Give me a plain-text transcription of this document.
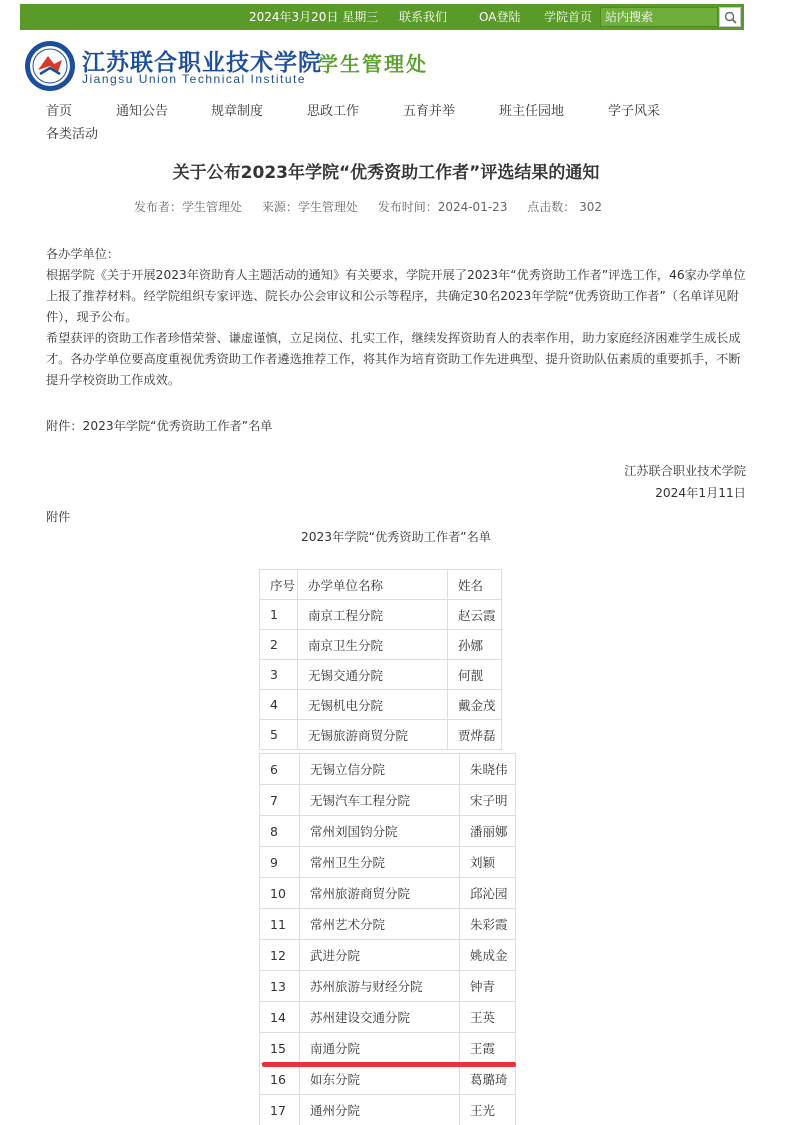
2024年3月20日 星期三 联系我们	OA登陆 学院首页
站内搜索
江苏联合职业技术学院
Jiangsu Union Technical Institute
学生管理处
首页	通知公告	规章制度	思政工作	五育并举	班主任园地	学子风采
各类活动
关于公布2023年学院“优秀资助工作者”评选结果的通知
发布者：学生管理处 来源：学生管理处 发布时间：2024-01-23 点击数： 302

各办学单位：

根据学院《关于开展2023年资助育人主题活动的通知》有关要求，学院开展了2023年“优秀资助工作者”评选工作，46家办学单位上报了推荐材料。经学院组织专家评选、院长办公会审议和公示等程序，共确定30名2023年学院“优秀资助工作者”（名单详见附件），现予公布。

希望获评的资助工作者珍惜荣誉、谦虚谨慎，立足岗位、扎实工作，继续发挥资助育人的表率作用，助力家庭经济困难学生成长成才。各办学单位要高度重视优秀资助工作者遴选推荐工作，将其作为培育资助工作先进典型、提升资助队伍素质的重要抓手，不断提升学校资助工作成效。

附件：2023年学院“优秀资助工作者”名单

江苏联合职业技术学院
2024年1月11日
附件
2023年学院“优秀资助工作者”名单
序号	办学单位名称	姓名
1	南京工程分院	赵云霞
2	南京卫生分院	孙娜
3	无锡交通分院	何靓
4	无锡机电分院	戴金茂
5	无锡旅游商贸分院	贾烨磊
6	无锡立信分院	朱晓伟
7	无锡汽车工程分院	宋子明
8	常州刘国钧分院	潘丽娜
9	常州卫生分院	刘颖
10	常州旅游商贸分院	邱沁园
11	常州艺术分院	朱彩霞
12	武进分院	姚成金
13	苏州旅游与财经分院	钟青
14	苏州建设交通分院	王英
15	南通分院	王霞
16	如东分院	葛璐琦
17	通州分院	王光
